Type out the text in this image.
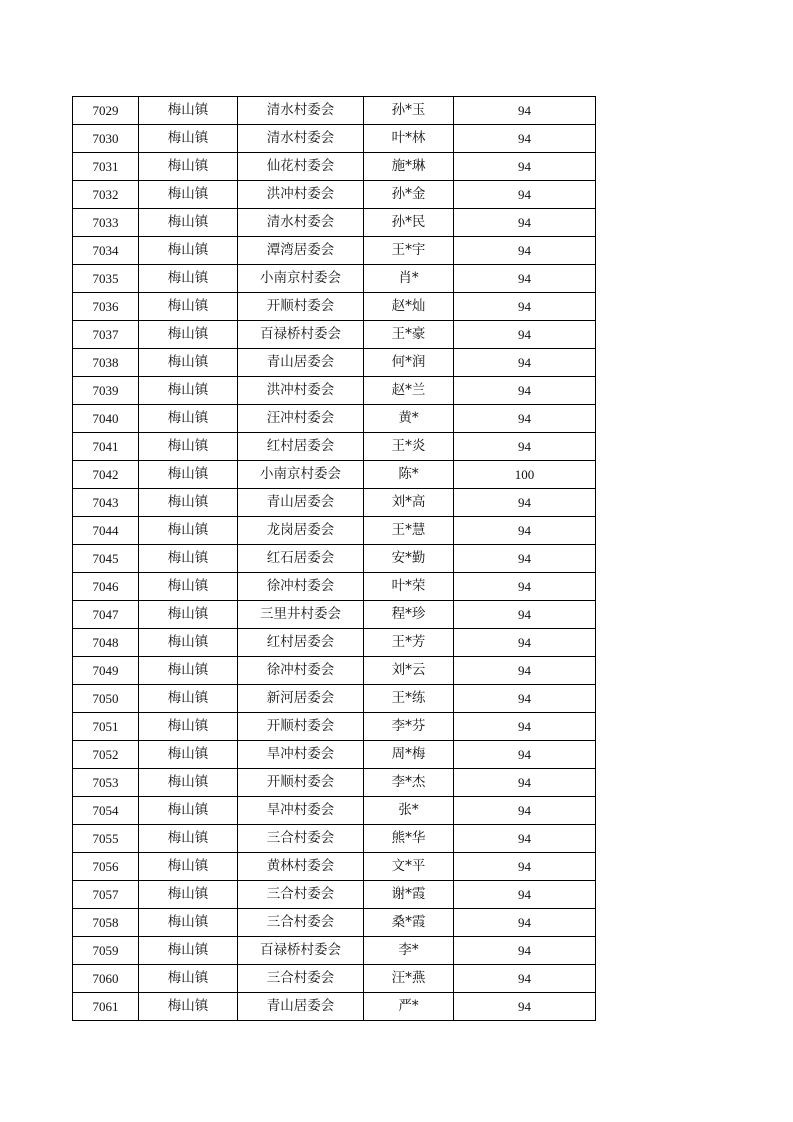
7029	梅山镇	清水村委会	孙*玉	94
7030	梅山镇	清水村委会	叶*林	94
7031	梅山镇	仙花村委会	施*琳	94
7032	梅山镇	洪冲村委会	孙*金	94
7033	梅山镇	清水村委会	孙*民	94
7034	梅山镇	潭湾居委会	王*宇	94
7035	梅山镇	小南京村委会	肖*	94
7036	梅山镇	开顺村委会	赵*灿	94
7037	梅山镇	百禄桥村委会	王*豪	94
7038	梅山镇	青山居委会	何*润	94
7039	梅山镇	洪冲村委会	赵*兰	94
7040	梅山镇	汪冲村委会	黄*	94
7041	梅山镇	红村居委会	王*炎	94
7042	梅山镇	小南京村委会	陈*	100
7043	梅山镇	青山居委会	刘*高	94
7044	梅山镇	龙岗居委会	王*慧	94
7045	梅山镇	红石居委会	安*勤	94
7046	梅山镇	徐冲村委会	叶*荣	94
7047	梅山镇	三里井村委会	程*珍	94
7048	梅山镇	红村居委会	王*芳	94
7049	梅山镇	徐冲村委会	刘*云	94
7050	梅山镇	新河居委会	王*练	94
7051	梅山镇	开顺村委会	李*芬	94
7052	梅山镇	旱冲村委会	周*梅	94
7053	梅山镇	开顺村委会	李*杰	94
7054	梅山镇	旱冲村委会	张*	94
7055	梅山镇	三合村委会	熊*华	94
7056	梅山镇	黄林村委会	文*平	94
7057	梅山镇	三合村委会	谢*霞	94
7058	梅山镇	三合村委会	桑*霞	94
7059	梅山镇	百禄桥村委会	李*	94
7060	梅山镇	三合村委会	汪*燕	94
7061	梅山镇	青山居委会	严*	94
